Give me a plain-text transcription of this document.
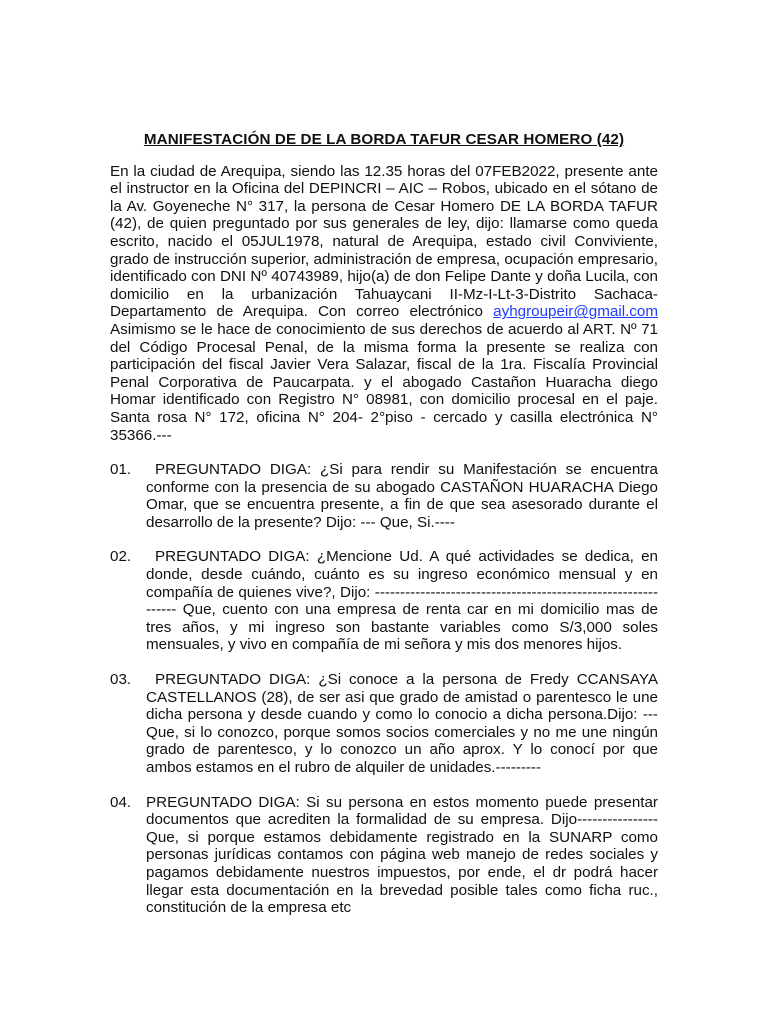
MANIFESTACIÓN DE DE LA BORDA TAFUR CESAR HOMERO (42)

En la ciudad de Arequipa, siendo las 12.35 horas del 07FEB2022, presente ante el instructor en la Oficina del DEPINCRI – AIC – Robos, ubicado en el sótano de la Av. Goyeneche N° 317, la persona de Cesar Homero DE LA BORDA TAFUR (42), de quien preguntado por sus generales de ley, dijo: llamarse como queda escrito, nacido el 05JUL1978, natural de Arequipa, estado civil Conviviente, grado de instrucción superior, administración de empresa, ocupación empresario, identificado con DNI Nº 40743989, hijo(a) de don Felipe Dante y doña Lucila, con domicilio en la urbanización Tahuaycani II-Mz-I-Lt-3-Distrito Sachaca-Departamento de Arequipa. Con correo electrónico ayhgroupeir@gmail.com Asimismo se le hace de conocimiento de sus derechos de acuerdo al ART. Nº 71 del Código Procesal Penal, de la misma forma la presente se realiza con participación del fiscal Javier Vera Salazar, fiscal de la 1ra. Fiscalía Provincial Penal Corporativa de Paucarpata. y el abogado Castañon Huaracha diego Homar identificado con Registro N° 08981, con domicilio procesal en el paje. Santa rosa N° 172, oficina N° 204- 2°piso - cercado y casilla electrónica N° 35366.---

01.	PREGUNTADO DIGA: ¿Si para rendir su Manifestación se encuentra conforme con la presencia de su abogado CASTAÑON HUARACHA Diego Omar, que se encuentra presente, a fin de que sea asesorado durante el desarrollo de la presente? Dijo: --- Que, Si.----
02.	PREGUNTADO DIGA: ¿Mencione Ud. A qué actividades se dedica, en donde, desde cuándo, cuánto es su ingreso económico mensual y en compañía de quienes vive?, Dijo: -------------------------------------------------------------- Que, cuento con una empresa de renta car en mi domicilio mas de tres años, y mi ingreso son bastante variables como S/3,000 soles mensuales, y vivo en compañía de mi señora y mis dos menores hijos.
03.	PREGUNTADO DIGA: ¿Si conoce a la persona de Fredy CCANSAYA CASTELLANOS (28), de ser asi que grado de amistad o parentesco le une dicha persona y desde cuando y como lo conocio a dicha persona.Dijo: --- Que, si lo conozco, porque somos socios comerciales y no me une ningún grado de parentesco, y lo conozco un año aprox. Y lo conocí por que ambos estamos en el rubro de alquiler de unidades.---------
04. PREGUNTADO DIGA: Si su persona en estos momento puede presentar documentos que acrediten la formalidad de su empresa. Dijo---------------- Que, si porque estamos debidamente registrado en la SUNARP como personas jurídicas contamos con página web manejo de redes sociales y pagamos debidamente nuestros impuestos, por ende, el dr podrá hacer llegar esta documentación en la brevedad posible tales como ficha ruc., constitución de la empresa etc
